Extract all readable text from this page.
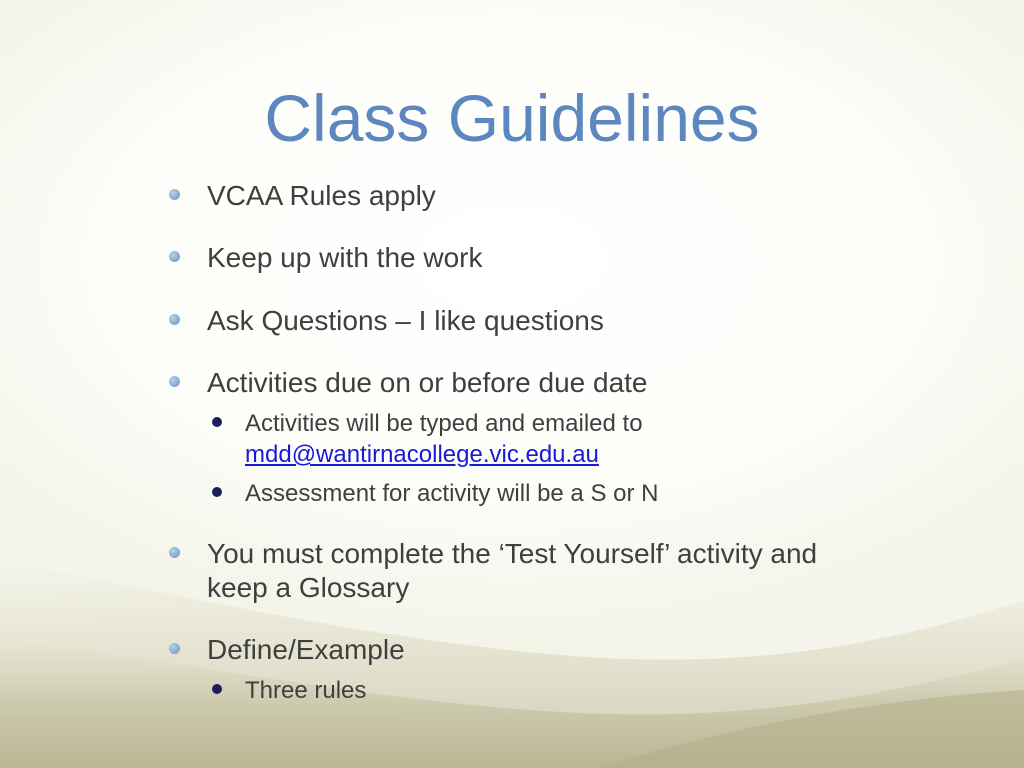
Class Guidelines
VCAA Rules apply
Keep up with the work
Ask Questions – I like questions
Activities due on or before due date
Activities will be typed and emailed to
mdd@wantirnacollege.vic.edu.au
Assessment for activity will be a S or N
You must complete the ‘Test Yourself’ activity and
keep a Glossary
Define/Example
Three rules
